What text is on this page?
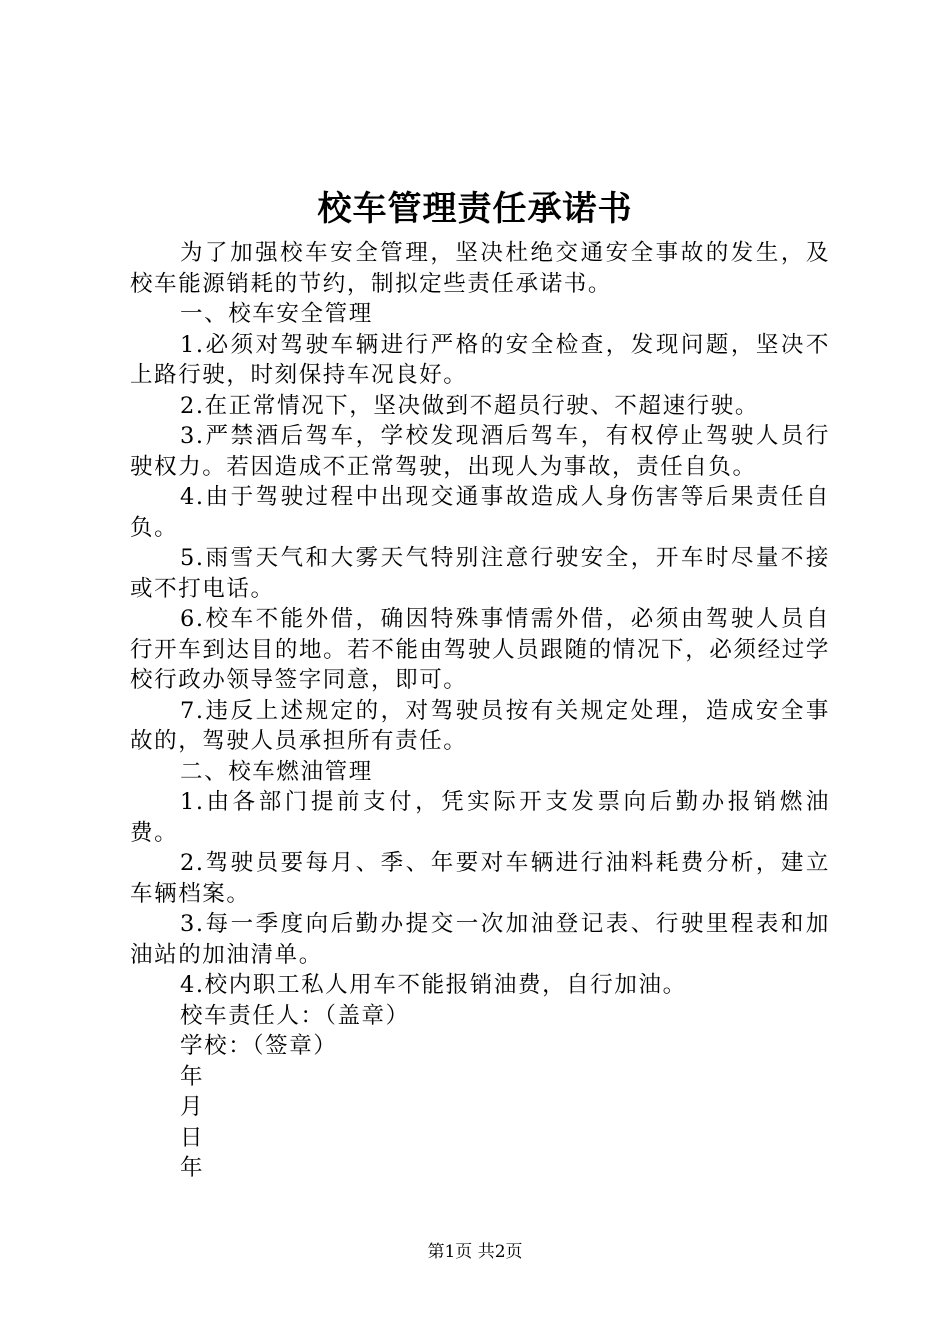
校车管理责任承诺书

为了加强校车安全管理，坚决杜绝交通安全事故的发生，及校车能源销耗的节约，制拟定些责任承诺书。

一、校车安全管理

1.必须对驾驶车辆进行严格的安全检查，发现问题，坚决不上路行驶，时刻保持车况良好。

2.在正常情况下，坚决做到不超员行驶、不超速行驶。

3.严禁酒后驾车，学校发现酒后驾车，有权停止驾驶人员行驶权力。若因造成不正常驾驶，出现人为事故，责任自负。

4.由于驾驶过程中出现交通事故造成人身伤害等后果责任自负。

5.雨雪天气和大雾天气特别注意行驶安全，开车时尽量不接或不打电话。

6.校车不能外借，确因特殊事情需外借，必须由驾驶人员自行开车到达目的地。若不能由驾驶人员跟随的情况下，必须经过学校行政办领导签字同意，即可。

7.违反上述规定的，对驾驶员按有关规定处理，造成安全事故的，驾驶人员承担所有责任。

二、校车燃油管理

1.由各部门提前支付，凭实际开支发票向后勤办报销燃油费。

2.驾驶员要每月、季、年要对车辆进行油料耗费分析，建立车辆档案。

3.每一季度向后勤办提交一次加油登记表、行驶里程表和加油站的加油清单。

4.校内职工私人用车不能报销油费，自行加油。

校车责任人：（盖章）

学校：（签章）

年

月

日

年

第1页 共2页
